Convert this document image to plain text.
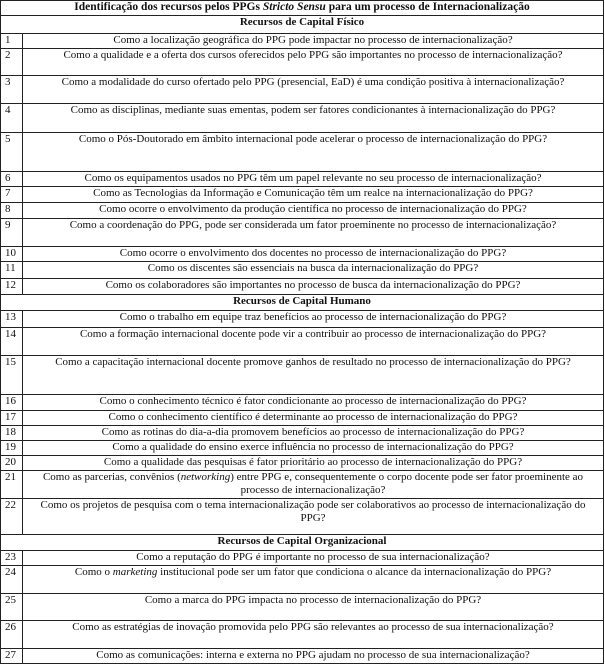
Identificação dos recursos pelos PPGs Stricto Sensu para um processo de Internacionalização	
Recursos de Capital Físico	
1	Como a localização geográfica do PPG pode impactar no processo de internacionalização?
2	Como a qualidade e a oferta dos cursos oferecidos pelo PPG são importantes no processo de internacionalização?
3	Como a modalidade do curso ofertado pelo PPG (presencial, EaD) é uma condição positiva à internacionalização?
4	Como as disciplinas, mediante suas ementas, podem ser fatores condicionantes à internacionalização do PPG?
5	Como o Pós-Doutorado em âmbito internacional pode acelerar o processo de internacionalização do PPG?
6	Como os equipamentos usados no PPG têm um papel relevante no seu processo de internacionalização?
7	Como as Tecnologias da Informação e Comunicação têm um realce na internacionalização do PPG?
8	Como ocorre o envolvimento da produção científica no processo de internacionalização do PPG?
9	Como a coordenação do PPG, pode ser considerada um fator proeminente no processo de internacionalização?
10	Como ocorre o envolvimento dos docentes no processo de internacionalização do PPG?
11	Como os discentes são essenciais na busca da internacionalização do PPG?
12	Como os colaboradores são importantes no processo de busca da internacionalização do PPG?
Recursos de Capital Humano	
13	Como o trabalho em equipe traz benefícios ao processo de internacionalização do PPG?
14	Como a formação internacional docente pode vir a contribuir ao processo de internacionalização do PPG?
15	Como a capacitação internacional docente promove ganhos de resultado no processo de internacionalização do PPG?
16	Como o conhecimento técnico é fator condicionante ao processo de internacionalização do PPG?
17	Como o conhecimento científico é determinante ao processo de internacionalização do PPG?
18	Como as rotinas do dia-a-dia promovem benefícios ao processo de internacionalização do PPG?
19	Como a qualidade do ensino exerce influência no processo de internacionalização do PPG?
20	Como a qualidade das pesquisas é fator prioritário ao processo de internacionalização do PPG?
21	Como as parcerias, convênios (networking) entre PPG e, consequentemente o corpo docente pode ser fator proeminente ao processo de internacionalização?
22	Como os projetos de pesquisa com o tema internacionalização pode ser colaborativos ao processo de internacionalização do PPG?
Recursos de Capital Organizacional	
23	Como a reputação do PPG é importante no processo de sua internacionalização?
24	Como o marketing institucional pode ser um fator que condiciona o alcance da internacionalização do PPG?
25	Como a marca do PPG impacta no processo de internacionalização do PPG?
26	Como as estratégias de inovação promovida pelo PPG são relevantes ao processo de sua internacionalização?
27	Como as comunicações: interna e externa no PPG ajudam no processo de sua internacionalização?
